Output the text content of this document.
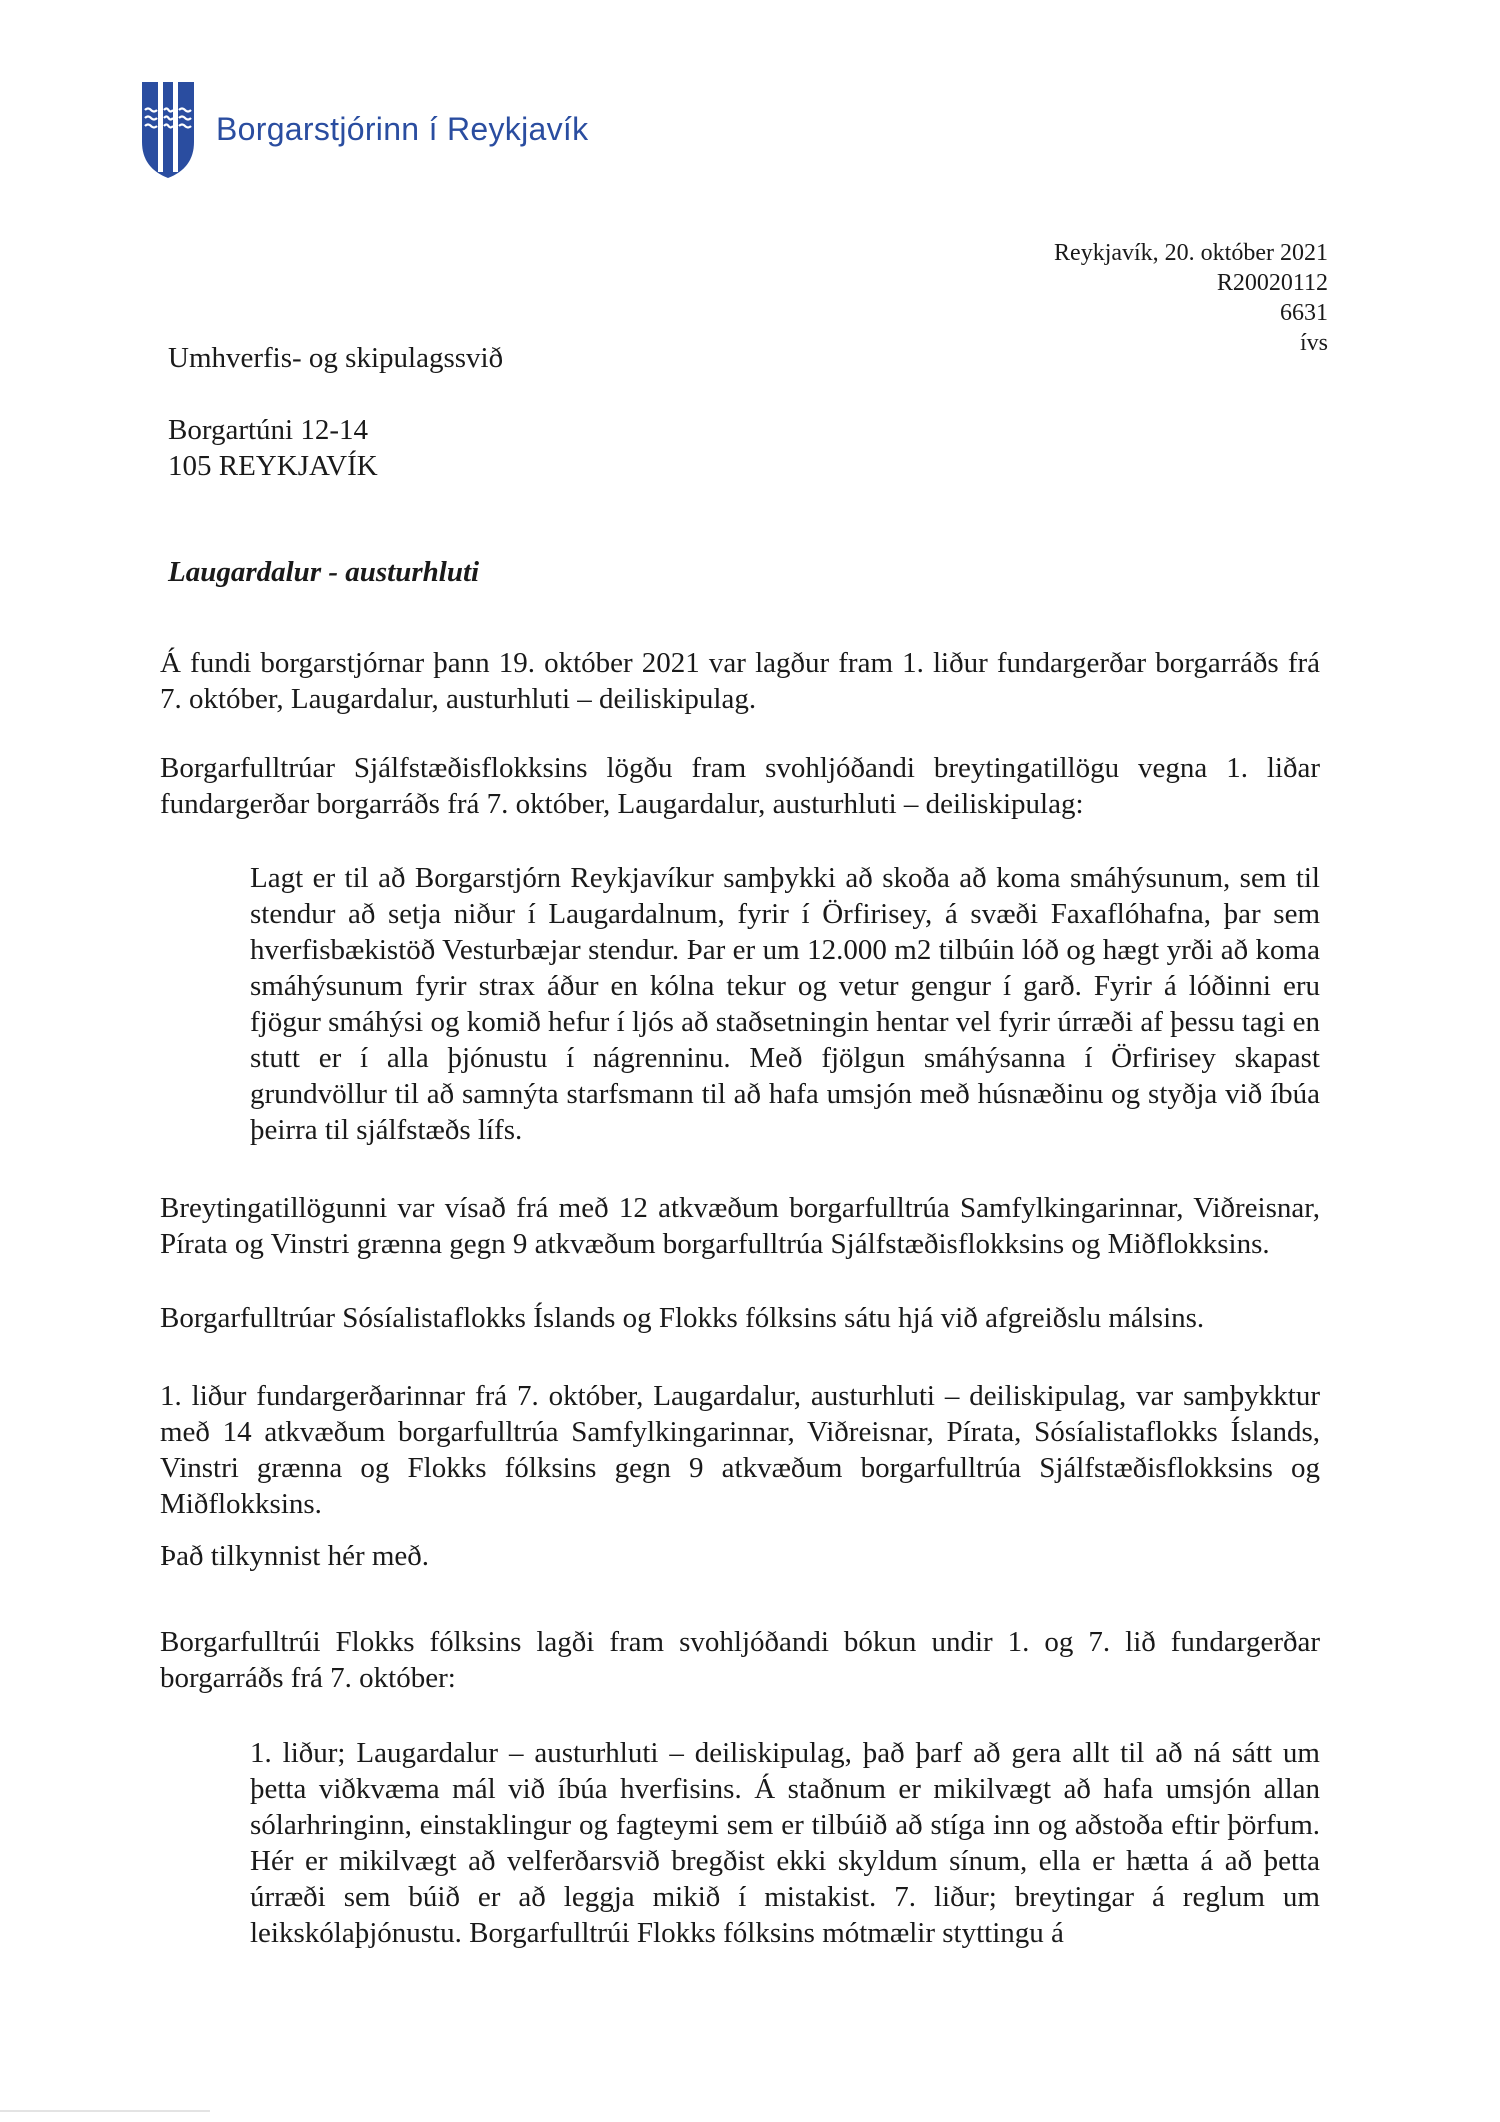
Borgarstjórinn í Reykjavík
Reykjavík, 20. október 2021
R20020112
6631
ívs
Umhverfis- og skipulagssvið
Borgartúni 12-14
105 REYKJAVÍK
Laugardalur - austurhluti
Á fundi borgarstjórnar þann 19. október 2021 var lagður fram 1. liður fundargerðar borgarráðs frá 7. október, Laugardalur, austurhluti – deiliskipulag.
Borgarfulltrúar Sjálfstæðisflokksins lögðu fram svohljóðandi breytingatillögu vegna 1. liðar fundargerðar borgarráðs frá 7. október, Laugardalur, austurhluti – deiliskipulag:
Lagt er til að Borgarstjórn Reykjavíkur samþykki að skoða að koma smáhýsunum, sem til stendur að setja niður í Laugardalnum, fyrir í Örfirisey, á svæði Faxaflóhafna, þar sem hverfisbækistöð Vesturbæjar stendur. Þar er um 12.000 m2 tilbúin lóð og hægt yrði að koma smáhýsunum fyrir strax áður en kólna tekur og vetur gengur í garð. Fyrir á lóðinni eru fjögur smáhýsi og komið hefur í ljós að staðsetningin hentar vel fyrir úrræði af þessu tagi en stutt er í alla þjónustu í nágrenninu. Með fjölgun smáhýsanna í Örfirisey skapast grundvöllur til að samnýta starfsmann til að hafa umsjón með húsnæðinu og styðja við íbúa þeirra til sjálfstæðs lífs.
Breytingatillögunni var vísað frá með 12 atkvæðum borgarfulltrúa Samfylkingarinnar, Viðreisnar, Pírata og Vinstri grænna gegn 9 atkvæðum borgarfulltrúa Sjálfstæðisflokksins og Miðflokksins.
Borgarfulltrúar Sósíalistaflokks Íslands og Flokks fólksins sátu hjá við afgreiðslu málsins.
1. liður fundargerðarinnar frá 7. október, Laugardalur, austurhluti – deiliskipulag, var samþykktur með 14 atkvæðum borgarfulltrúa Samfylkingarinnar, Viðreisnar, Pírata, Sósíalistaflokks Íslands, Vinstri grænna og Flokks fólksins gegn 9 atkvæðum borgarfulltrúa Sjálfstæðisflokksins og Miðflokksins.
Það tilkynnist hér með.
Borgarfulltrúi Flokks fólksins lagði fram svohljóðandi bókun undir 1. og 7. lið fundargerðar borgarráðs frá 7. október:
1. liður; Laugardalur – austurhluti – deiliskipulag, það þarf að gera allt til að ná sátt um þetta viðkvæma mál við íbúa hverfisins. Á staðnum er mikilvægt að hafa umsjón allan sólarhringinn, einstaklingur og fagteymi sem er tilbúið að stíga inn og aðstoða eftir þörfum. Hér er mikilvægt að velferðarsvið bregðist ekki skyldum sínum, ella er hætta á að þetta úrræði sem búið er að leggja mikið í mistakist. 7. liður; breytingar á reglum um leikskólaþjónustu. Borgarfulltrúi Flokks fólksins mótmælir styttingu á
